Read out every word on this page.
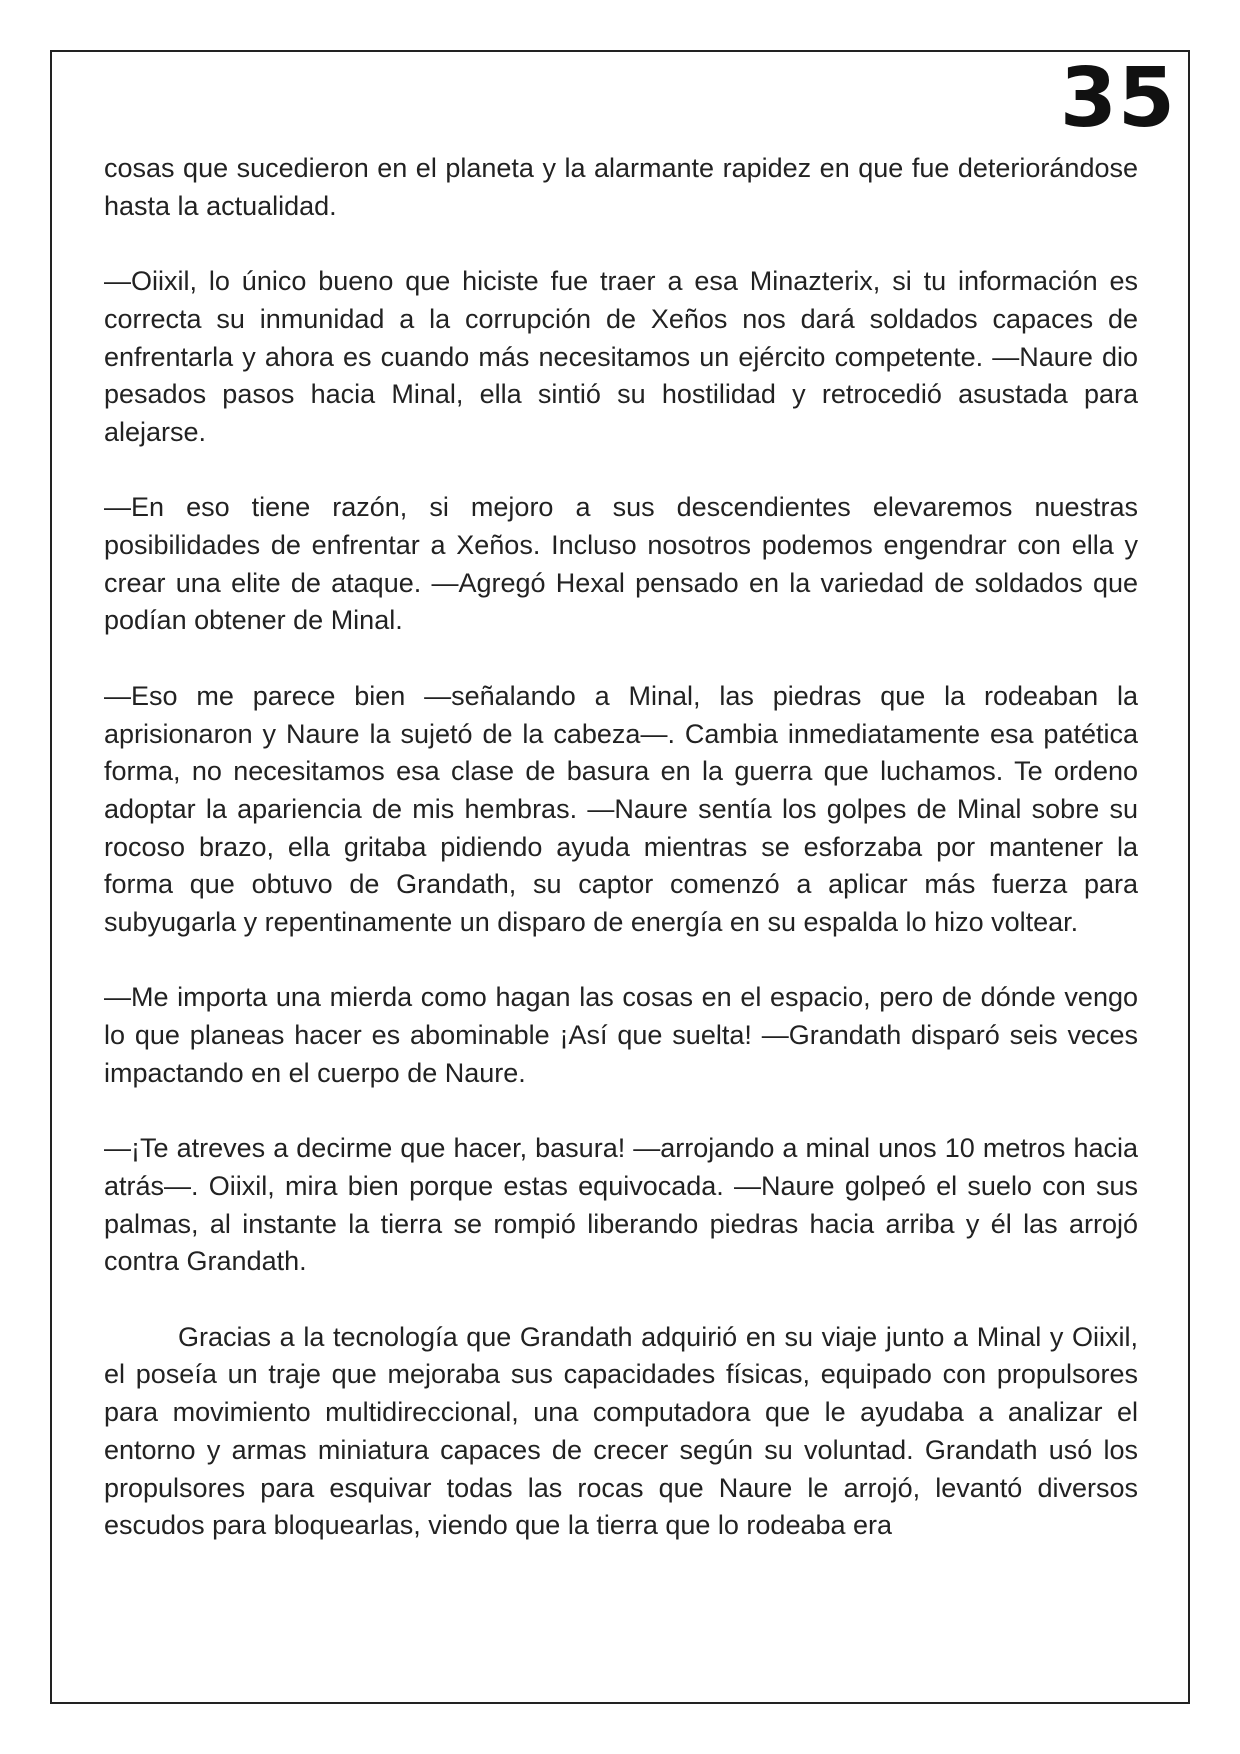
35

cosas que sucedieron en el planeta y la alarmante rapidez en que fue deteriorándose hasta la actualidad.

—Oiixil, lo único bueno que hiciste fue traer a esa Minazterix, si tu información es correcta su inmunidad a la corrupción de Xeños nos dará soldados capaces de enfrentarla y ahora es cuando más necesitamos un ejército competente. —Naure dio pesados pasos hacia Minal, ella sintió su hostilidad y retrocedió asustada para alejarse.

—En eso tiene razón, si mejoro a sus descendientes elevaremos nuestras posibilidades de enfrentar a Xeños. Incluso nosotros podemos engendrar con ella y crear una elite de ataque. —Agregó Hexal pensado en la variedad de soldados que podían obtener de Minal.

—Eso me parece bien —señalando a Minal, las piedras que la rodeaban la aprisionaron y Naure la sujetó de la cabeza—. Cambia inmediatamente esa patética forma, no necesitamos esa clase de basura en la guerra que luchamos. Te ordeno adoptar la apariencia de mis hembras. —Naure sentía los golpes de Minal sobre su rocoso brazo, ella gritaba pidiendo ayuda mientras se esforzaba por mantener la forma que obtuvo de Grandath, su captor comenzó a aplicar más fuerza para subyugarla y repentinamente un disparo de energía en su espalda lo hizo voltear.

—Me importa una mierda como hagan las cosas en el espacio, pero de dónde vengo lo que planeas hacer es abominable ¡Así que suelta! —Grandath disparó seis veces impactando en el cuerpo de Naure.

—¡Te atreves a decirme que hacer, basura! —arrojando a minal unos 10 metros hacia atrás—. Oiixil, mira bien porque estas equivocada. —Naure golpeó el suelo con sus palmas, al instante la tierra se rompió liberando piedras hacia arriba y él las arrojó contra Grandath.

Gracias a la tecnología que Grandath adquirió en su viaje junto a Minal y Oiixil, el poseía un traje que mejoraba sus capacidades físicas, equipado con propulsores para movimiento multidireccional, una computadora que le ayudaba a analizar el entorno y armas miniatura capaces de crecer según su voluntad. Grandath usó los propulsores para esquivar todas las rocas que Naure le arrojó, levantó diversos escudos para bloquearlas, viendo que la tierra que lo rodeaba era
